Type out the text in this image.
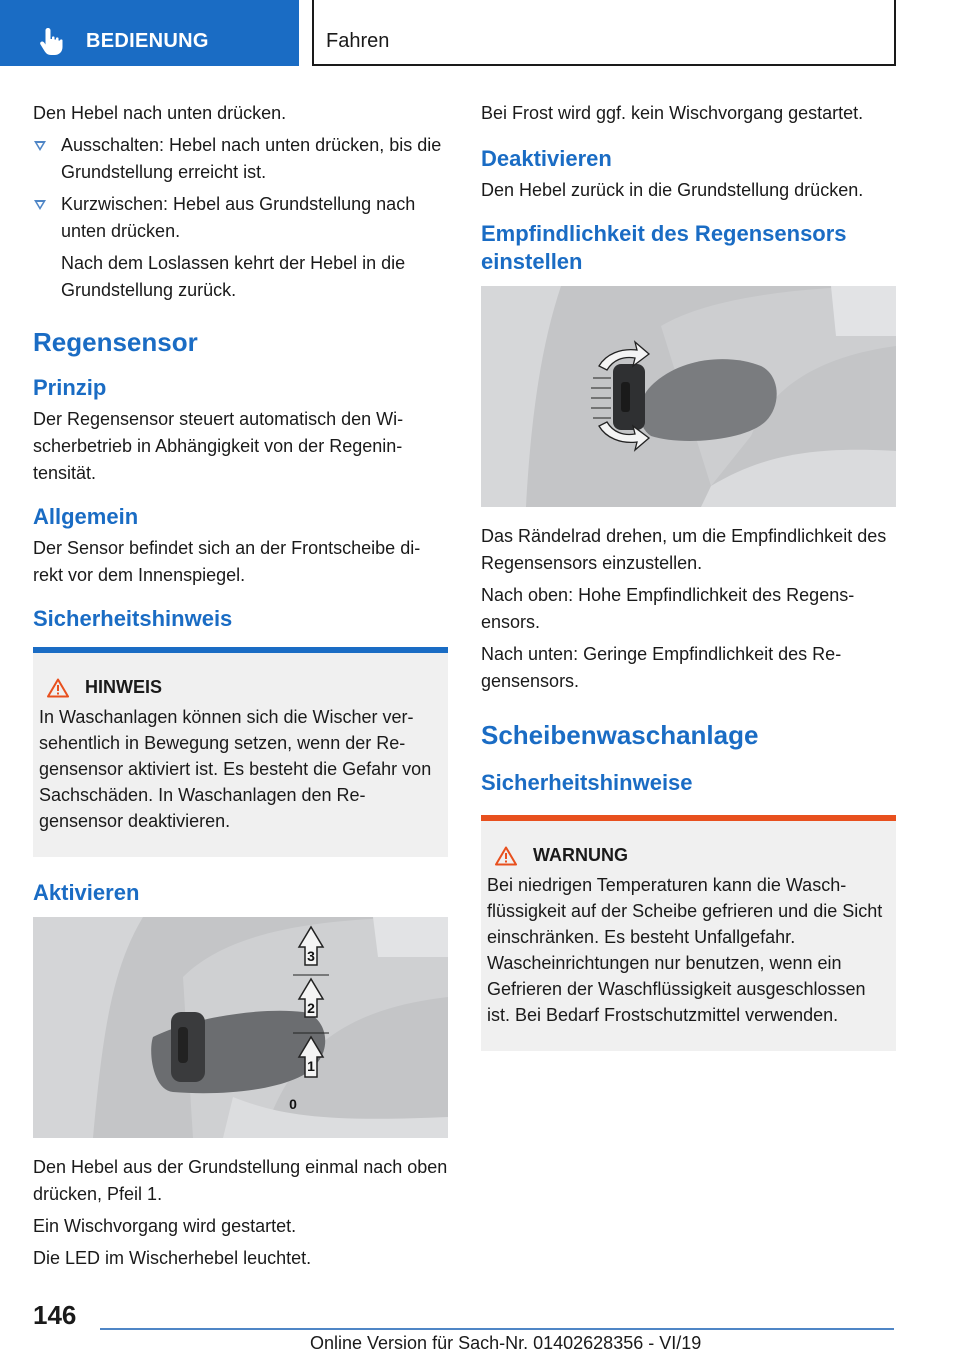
BEDIENUNG	Fahren

Den Hebel nach unten drücken.

Ausschalten: Hebel nach unten drücken, bis die Grundstellung erreicht ist.
Kurzwischen: Hebel aus Grundstellung nach unten drücken.
Nach dem Loslassen kehrt der Hebel in die Grundstellung zurück.
Regensensor
Prinzip

Der Regensensor steuert automatisch den Wi-scherbetrieb in Abhängigkeit von der Regenin-tensität.

Allgemein

Der Sensor befindet sich an der Frontscheibe di-rekt vor dem Innenspiegel.

Sicherheitshinweis
HINWEIS

In Waschanlagen können sich die Wischer ver-sehentlich in Bewegung setzen, wenn der Re-gensensor aktiviert ist. Es besteht die Gefahr von Sachschäden. In Waschanlagen den Re-gensensor deaktivieren.

Aktivieren
3
2
1
0

Den Hebel aus der Grundstellung einmal nach oben drücken, Pfeil 1.

Ein Wischvorgang wird gestartet.

Die LED im Wischerhebel leuchtet.

Bei Frost wird ggf. kein Wischvorgang gestartet.

Deaktivieren

Den Hebel zurück in die Grundstellung drücken.

Empfindlichkeit des Regensensors einstellen

Das Rändelrad drehen, um die Empfindlichkeit des Regensensors einzustellen.

Nach oben: Hohe Empfindlichkeit des Regens-ensors.

Nach unten: Geringe Empfindlichkeit des Re-gensensors.

Scheibenwaschanlage
Sicherheitshinweise
WARNUNG

Bei niedrigen Temperaturen kann die Wasch-flüssigkeit auf der Scheibe gefrieren und die Sicht einschränken. Es besteht Unfallgefahr. Wascheinrichtungen nur benutzen, wenn ein Gefrieren der Waschflüssigkeit ausgeschlossen ist. Bei Bedarf Frostschutzmittel verwenden.

146
Online Version für Sach-Nr. 01402628356 - VI/19
